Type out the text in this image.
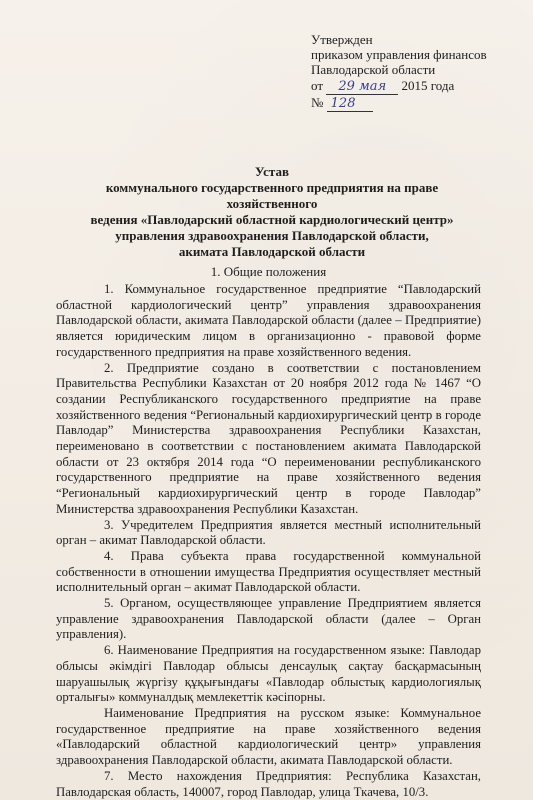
Утвержден
приказом управления финансов
Павлодарской области
от 29 мая 2015 года
№ 128
Устав
коммунального государственного предприятия на праве хозяйственного
ведения «Павлодарский областной кардиологический центр»
управления здравоохранения Павлодарской области,
акимата Павлодарской области
1. Общие положения

1. Коммунальное государственное предприятие “Павлодарский областной кардиологический центр” управления здравоохранения Павлодарской области, акимата Павлодарской области (далее – Предприятие) является юридическим лицом в организационно - правовой форме государственного предприятия на праве хозяйственного ведения.

2. Предприятие создано в соответствии с постановлением Правительства Республики Казахстан от 20 ноября 2012 года № 1467 “О создании Республиканского государственного предприятие на праве хозяйственного ведения “Региональный кардиохирургический центр в городе Павлодар” Министерства здравоохранения Республики Казахстан, переименовано в соответствии с постановлением акимата Павлодарской области от 23 октября 2014 года “О переименовании республиканского государственного предприятие на праве хозяйственного ведения “Региональный кардиохирургический центр в городе Павлодар” Министерства здравоохранения Республики Казахстан.

3. Учредителем Предприятия является местный исполнительный орган – акимат Павлодарской области.

4. Права субъекта права государственной коммунальной собственности в отношении имущества Предприятия осуществляет местный исполнительный орган – акимат Павлодарской области.

5. Органом, осуществляющее управление Предприятием является управление здравоохранения Павлодарской области (далее – Орган управления).

6. Наименование Предприятия на государственном языке: Павлодар облысы әкімдігі Павлодар облысы денсаулық сақтау басқармасының шаруашылық жүргізу құқығындағы «Павлодар облыстық кардиологиялық орталығы» коммуналдық мемлекеттік кәсіпорны.

Наименование Предприятия на русском языке: Коммунальное государственное предприятие на праве хозяйственного ведения «Павлодарский областной кардиологический центр» управления здравоохранения Павлодарской области, акимата Павлодарской области.

7. Место нахождения Предприятия: Республика Казахстан, Павлодарская область, 140007, город Павлодар, улица Ткачева, 10/3.
